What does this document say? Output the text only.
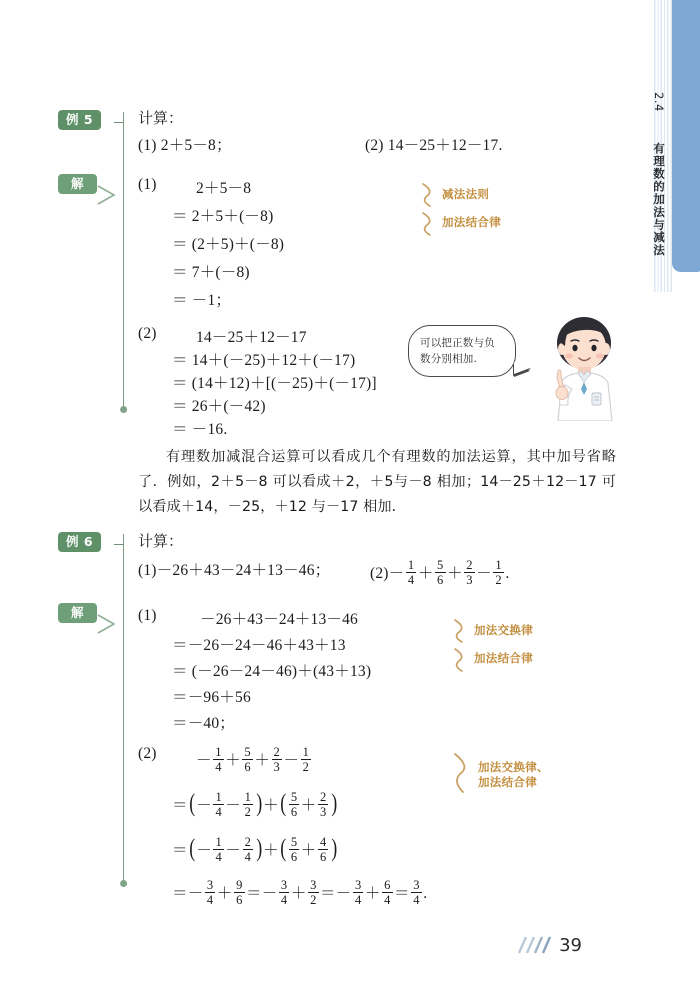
2.4  有理数的加法与减法
例 5	计算：
(1) 2＋5－8；	(2) 14－25＋12－17.
解	(1)	2＋5－8
＝ 2＋5＋(－8)
＝ (2＋5)＋(－8)
＝ 7＋(－8)
＝ －1；
(2)	14－25＋12－17
＝ 14＋(－25)＋12＋(－17)
＝ (14＋12)＋[(－25)＋(－17)]
＝ 26＋(－42)
＝ －16.
减法法则
加法结合律
可以把正数与负数分别相加.
有理数加减混合运算可以看成几个有理数的加法运算，其中加号省略了．例如，2＋5－8 可以看成＋2，＋5与－8 相加；14－25＋12－17 可以看成＋14，－25，＋12 与－17 相加．
例 6	计算：
(1)－26＋43－24＋13－46；	$(2)- \frac{1}{4} + \frac{5}{6} + \frac{2}{3} - \frac{1}{2}$ .
解	(1)	－26＋43－24＋13－46
＝－26－24－46＋43＋13
＝ (－26－24－46)＋(43＋13)
＝－96＋56
＝－40；
(2)	－ $\frac{1}{4} + \frac{5}{6} + \frac{2}{3} - \frac{1}{2}$
＝(－ $\frac{1}{4} - \frac{1}{2}$ )＋( $\frac{5}{6} + \frac{2}{3}$ )
＝(－ $\frac{1}{4} - \frac{2}{4}$ )＋( $\frac{5}{6} + \frac{4}{6}$ )
＝－ $\frac{3}{4} + \frac{9}{6} =- \frac{3}{4} + \frac{3}{2} =- \frac{3}{4} + \frac{6}{4} = \frac{3}{4}$ .
加法交换律
加法结合律
加法交换律、
加法结合律
39
